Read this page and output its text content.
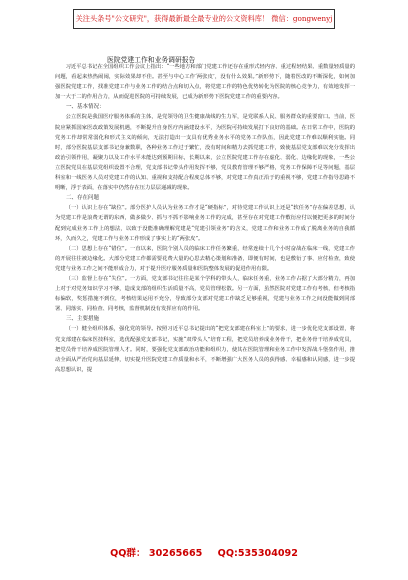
关注头条号"公文研究"，获得最新最全最专业的公文资料库！ 微信：gongwenyj
医院党建工作和业务调研报告

习近平总书记在全国组织工作会议上指出：“一些地方和部门党建工作还存在重形式轻内容、重过程轻结果、重数量轻质量的问题，看起来热热闹闹，实际效果却不佳。甚至与中心工作‘两张皮’，没有什么效果。”新形势下，随着医改的不断深化，如何加强医院党建工作，找准党建工作与业务工作的结合点和切入点，将党建工作的特色优势转化为医院的核心竞争力，有效地发挥一加一大于二的作用合力，从而促进医院的可持续发展，已成为新形势下医院党建工作的重要内容。

一、基本情况：

公立医院是我国医疗服务体系的主体，是党领导的卫生健康战线的生力军，是党联系人民、服务群众的重要窗口。当前，医院应紧抓国家医改政策发展机遇，不断提升自身医疗内涵建设水平，为医院可持续发展打下良好的基础。在日常工作中，医院的党务工作却常常弱化和形式主义的倾向，无法打造出一支具有优秀业务水平的党务工作队伍，因此党建工作难以顺利实施。同时，部分医院基层支部书记身兼数职，各种业务工作过于繁忙，没有时间和精力去抓党建工作，致使基层党支部难以充分发挥出政治引领作用，凝聚力以及工作水平未能达到预期目标，长期以来，公立医院党建工作存在虚化、弱化、边缘化的现象，一些公立医院党员在基层党组织设置不合理，党支部书记带头作用发挥不够，党员教育管理不够严格，党务工作保障不足等问题，基层科室和一线医务人员对党建工作的认知、重视和支持配合程度总体不够，对党建工作真正沿于的重视不够，党建工作指导思路不明晰，浮于表面，在落实中仍然存在压力层层递减的现象。

二、存在问题

（一）认识上存在“缺位”。部分医护人员认为业务工作才是“硬指标”，对待党建工作认识上还是“软任务”存在偏差思想，认为党建工作是浪费无谓的东西，做多做少、抓与不抓不影响业务工作的完成，甚至存在对党建工作敷衍应付以便把更多的时间分配到完成业务工作上的想法，以致于没能准确理解党建是“党建引领业务”的含义，党建工作和业务工作成了脱离业务的自我循环，久而久之，党建工作与业务工作形成了事实上的“两张皮”。

（二）思想上存在“错位”。一直以来，医院个别人员的临床工作任务繁重，经常连续十几个小时奋战在临床一线，党建工作的开展往往被边缘化。大部分党建工作都需要花费大量的心思去精心策划和准备，即便有时间，也是敷衍了事、应付检查，致使党建与业务工作之间不能形成合力，对于提升医疗服务质量和医院整体发展的促进作用有限。

（三）监督上存在“失位”。一方面，党支部书记往往是某个学科的带头人，临床任务重，业务工作占据了大部分精力，再加上对于对党务知识学习不够，造成支部的组织生活质量不高，党员管理松散。另一方面，虽然医院对党建工作有考核，但考核指标偏软，奖惩措施不到位，考核结果运用不充分，导致部分支部对党建工作缺乏足够重视，党建与业务工作之间没能做到同部署、同落实、同检查、同考核，监督机制没有发挥应有的作用。

三、主要措施

（一）健全组织体系，强化党的领导。按照习近平总书记提出的“把党支部建在科室上”的要求，进一步优化党支部设置，将党支部建在临床医技科室，选优配强党支部书记，实施“双带头人”培育工程，把党员培养成业务骨干，把业务骨干培养成党员，把党员骨干培养成医院管理人才。同时，要强化党支部政治功能和组织力，使其在医院管理和业务工作中发挥战斗堡垒作用，推动全面从严治党向基层延伸，切实提升医院党建工作质量和水平，不断增强广大医务人员的获得感、幸福感和认同感，进一步提高思想认识，提

QQ群： 30265665 QQ:535304092
